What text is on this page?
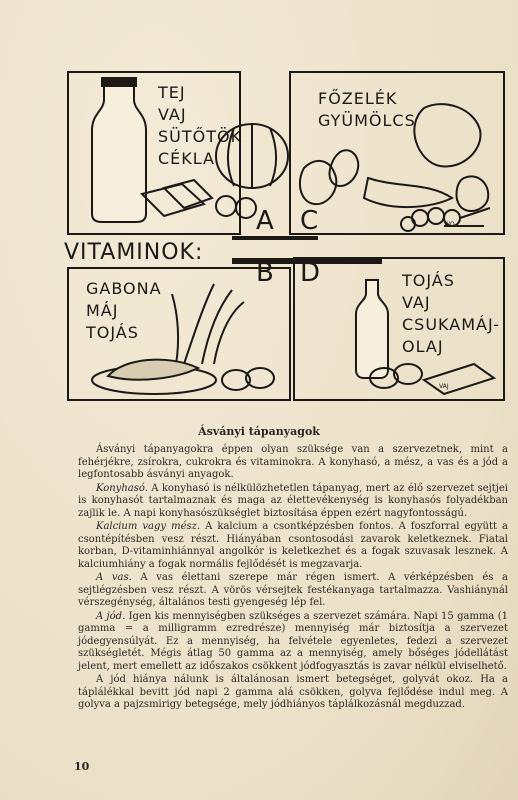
WO
VAJ
TEJ
VAJ
SÜTŐTÖK
CÉKLA
FŐZELÉK
GYÜMÖLCS
GABONA
MÁJ
TOJÁS
TOJÁS
VAJ
CSUKAMÁJ-
OLAJ
VITAMINOK:
A C
B D
Ásványi tápanyagok

Ásványi tápanyagokra éppen olyan szüksége van a szervezetnek, mint a fehérjékre, zsírokra, cukrokra és vitaminokra. A konyhasó, a mész, a vas és a jód a legfontosabb ásványi anyagok.

Konyhasó. A konyhasó is nélkülözhetetlen tápanyag, mert az élő szervezet sejtjei is konyhasót tartalmaznak és maga az élettevékenység is konyhasós folyadékban zajlik le. A napi konyhasószükséglet biztosítása éppen ezért nagyfontosságú.

Kalcium vagy mész. A kalcium a csontképzésben fontos. A foszforral együtt a csontépítésben vesz részt. Hiányában csontosodási zavarok keletkeznek. Fiatal korban, D-vitaminhiánnyal angolkór is keletkezhet és a fogak szuvasak lesznek. A kalciumhiány a fogak normális fejlődését is megzavarja.

A vas. A vas élettani szerepe már régen ismert. A vérképzésben és a sejtlégzésben vesz részt. A vörös vérsejtek festékanyaga tartalmazza. Vashiánynál vérszegénység, általános testi gyengeség lép fel.

A jód. Igen kis mennyiségben szükséges a szervezet számára. Napi 15 gamma (1 gamma = a milligramm ezredrésze) mennyiség már biztosítja a szervezet jódegyensúlyát. Ez a mennyiség, ha felvétele egyenletes, fedezi a szervezet szükségletét. Mégis átlag 50 gamma az a mennyiség, amely bőséges jódellátást jelent, mert emellett az időszakos csökkent jódfogyasztás is zavar nélkül elviselhető.

A jód hiánya nálunk is általánosan ismert betegséget, golyvát okoz. Ha a táplálékkal bevitt jód napi 2 gamma alá csökken, golyva fejlődése indul meg. A golyva a pajzsmirigy betegsége, mely jódhiányos táplálkozásnál megduzzad.

10
